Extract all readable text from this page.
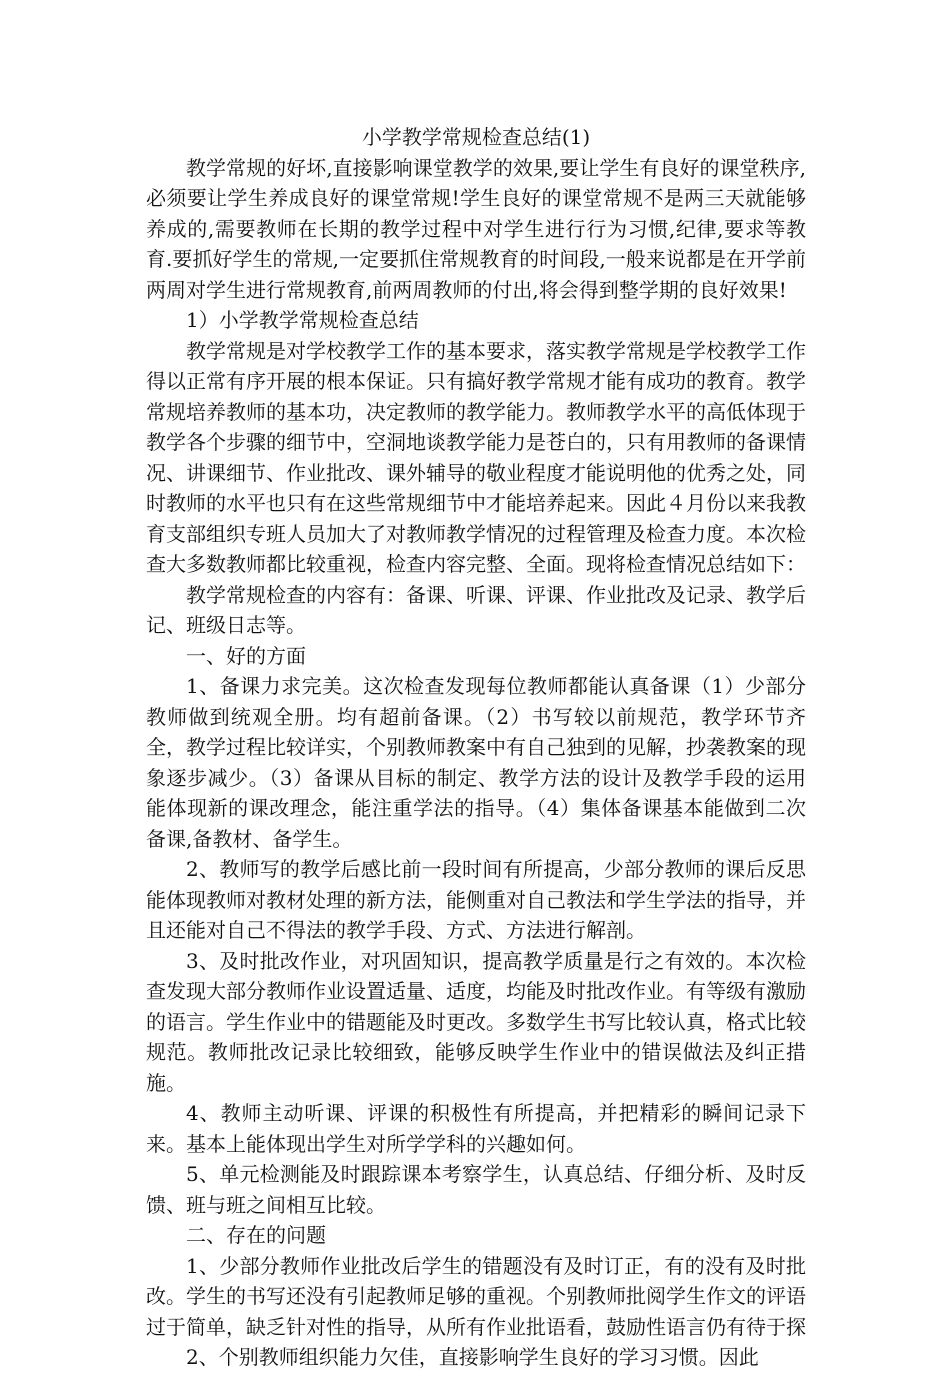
小学教学常规检查总结(1)

教学常规的好坏,直接影响课堂教学的效果,要让学生有良好的课堂秩序,必须要让学生养成良好的课堂常规!学生良好的课堂常规不是两三天就能够养成的,需要教师在长期的教学过程中对学生进行行为习惯,纪律,要求等教育.要抓好学生的常规,一定要抓住常规教育的时间段,一般来说都是在开学前两周对学生进行常规教育,前两周教师的付出,将会得到整学期的良好效果!

1）小学教学常规检查总结

教学常规是对学校教学工作的基本要求，落实教学常规是学校教学工作得以正常有序开展的根本保证。只有搞好教学常规才能有成功的教育。教学常规培养教师的基本功，决定教师的教学能力。教师教学水平的高低体现于教学各个步骤的细节中，空洞地谈教学能力是苍白的，只有用教师的备课情况、讲课细节、作业批改、课外辅导的敬业程度才能说明他的优秀之处，同时教师的水平也只有在这些常规细节中才能培养起来。因此４月份以来我教育支部组织专班人员加大了对教师教学情况的过程管理及检查力度。本次检查大多数教师都比较重视，检查内容完整、全面。现将检查情况总结如下：

教学常规检查的内容有：备课、听课、评课、作业批改及记录、教学后记、班级日志等。

一、好的方面

1、备课力求完美。这次检查发现每位教师都能认真备课（1）少部分教师做到统观全册。均有超前备课。（2）书写较以前规范，教学环节齐全，教学过程比较详实，个别教师教案中有自己独到的见解，抄袭教案的现象逐步减少。（3）备课从目标的制定、教学方法的设计及教学手段的运用能体现新的课改理念，能注重学法的指导。（4）集体备课基本能做到二次备课,备教材、备学生。

2、教师写的教学后感比前一段时间有所提高，少部分教师的课后反思能体现教师对教材处理的新方法，能侧重对自己教法和学生学法的指导，并且还能对自己不得法的教学手段、方式、方法进行解剖。

3、及时批改作业，对巩固知识，提高教学质量是行之有效的。本次检查发现大部分教师作业设置适量、适度，均能及时批改作业。有等级有激励的语言。学生作业中的错题能及时更改。多数学生书写比较认真，格式比较规范。教师批改记录比较细致，能够反映学生作业中的错误做法及纠正措施。

4、教师主动听课、评课的积极性有所提高，并把精彩的瞬间记录下来。基本上能体现出学生对所学学科的兴趣如何。

5、单元检测能及时跟踪课本考察学生，认真总结、仔细分析、及时反馈、班与班之间相互比较。

二、存在的问题

1、少部分教师作业批改后学生的错题没有及时订正，有的没有及时批改。学生的书写还没有引起教师足够的重视。个别教师批阅学生作文的评语过于简单，缺乏针对性的指导，从所有作业批语看，鼓励性语言仍有待于探

2、个别教师组织能力欠佳，直接影响学生良好的学习习惯。因此
